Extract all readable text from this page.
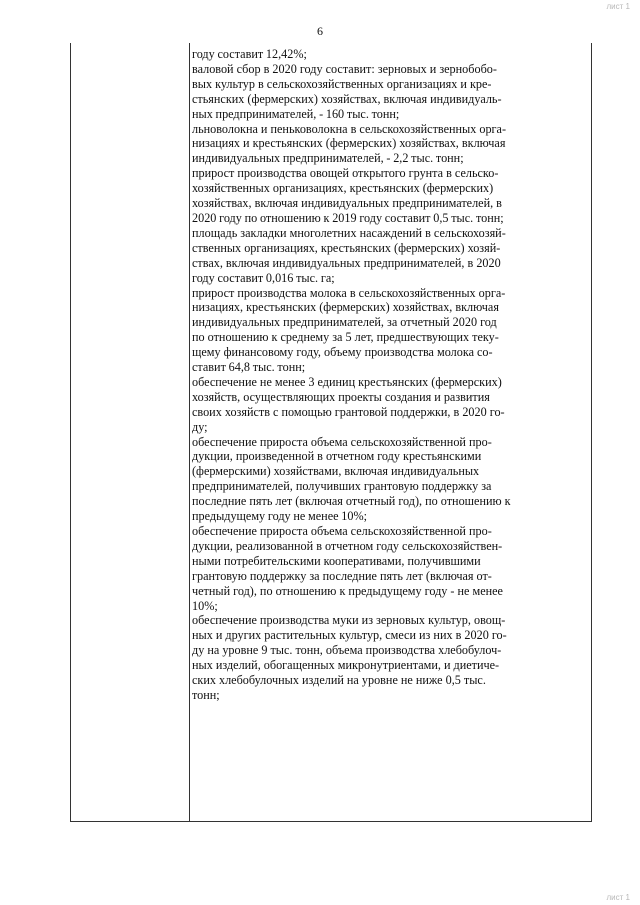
лист 1
6

году составит 12,42%;

валовой сбор в 2020 году составит: зерновых и зернобобо-
вых культур в сельскохозяйственных организациях и кре-
стьянских (фермерских) хозяйствах, включая индивидуаль-
ных предпринимателей, - 160 тыс. тонн;

льноволокна и пеньковолокна в сельскохозяйственных орга-
низациях и крестьянских (фермерских) хозяйствах, включая
индивидуальных предпринимателей, - 2,2 тыс. тонн;

прирост производства овощей открытого грунта в сельско-
хозяйственных организациях, крестьянских (фермерских)
хозяйствах, включая индивидуальных предпринимателей, в
2020 году по отношению к 2019 году составит 0,5 тыс. тонн;

площадь закладки многолетних насаждений в сельскохозяй-
ственных организациях, крестьянских (фермерских) хозяй-
ствах, включая индивидуальных предпринимателей, в 2020
году составит 0,016 тыс. га;

прирост производства молока в сельскохозяйственных орга-
низациях, крестьянских (фермерских) хозяйствах, включая
индивидуальных предпринимателей, за отчетный 2020 год
по отношению к среднему за 5 лет, предшествующих теку-
щему финансовому году, объему производства молока со-
ставит 64,8 тыс. тонн;

обеспечение не менее 3 единиц крестьянских (фермерских)
хозяйств, осуществляющих проекты создания и развития
своих хозяйств с помощью грантовой поддержки, в 2020 го-
ду;

обеспечение прироста объема сельскохозяйственной про-
дукции, произведенной в отчетном году крестьянскими
(фермерскими) хозяйствами, включая индивидуальных
предпринимателей, получивших грантовую поддержку за
последние пять лет (включая отчетный год), по отношению к
предыдущему году не менее 10%;

обеспечение прироста объема сельскохозяйственной про-
дукции, реализованной в отчетном году сельскохозяйствен-
ными потребительскими кооперативами, получившими
грантовую поддержку за последние пять лет (включая от-
четный год), по отношению к предыдущему году - не менее
10%;

обеспечение производства муки из зерновых культур, овощ-
ных и других растительных культур, смеси из них в 2020 го-
ду на уровне 9 тыс. тонн, объема производства хлебобулоч-
ных изделий, обогащенных микронутриентами, и диетиче-
ских хлебобулочных изделий на уровне не ниже 0,5 тыс.
тонн;

лист 1
